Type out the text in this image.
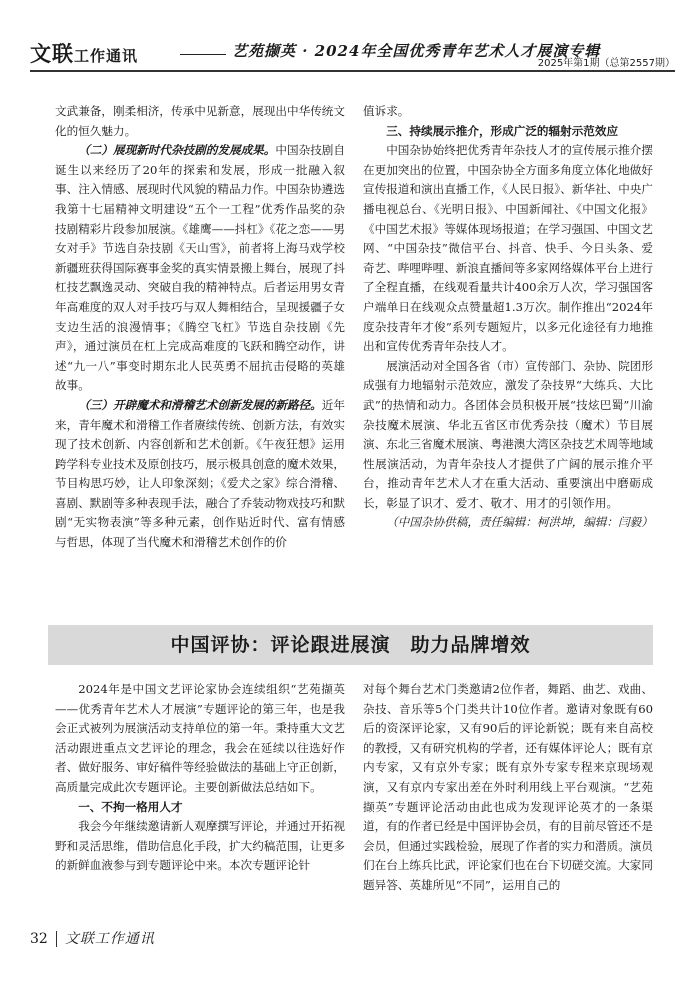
文联工作通讯	艺苑撷英 · 2024年全国优秀青年艺术人才展演专辑
2025年第1期（总第2557期）

文武兼备，刚柔相济，传承中见新意，展现出中华传统文化的恒久魅力。

（二）展现新时代杂技剧的发展成果。中国杂技剧自诞生以来经历了20年的探索和发展，形成一批融入叙事、注入情感、展现时代风貌的精品力作。中国杂协遴选我第十七届精神文明建设“五个一工程”优秀作品奖的杂技剧精彩片段参加展演。《雄鹰——抖杠》《花之恋——男女对手》节选自杂技剧《天山雪》，前者将上海马戏学校新疆班获得国际赛事金奖的真实情景搬上舞台，展现了抖杠技艺飘逸灵动、突破自我的精神特点。后者运用男女青年高难度的双人对手技巧与双人舞相结合，呈现援疆子女支边生活的浪漫情事；《腾空飞杠》节选自杂技剧《先声》，通过演员在杠上完成高难度的飞跃和腾空动作，讲述“九一八”事变时期东北人民英勇不屈抗击侵略的英雄故事。

（三）开辟魔术和滑稽艺术创新发展的新路径。近年来，青年魔术和滑稽工作者赓续传统、创新方法，有效实现了技术创新、内容创新和艺术创新。《午夜狂想》运用跨学科专业技术及原创技巧，展示极具创意的魔术效果，节目构思巧妙，让人印象深刻；《爱犬之家》综合滑稽、喜剧、默剧等多种表现手法，融合了乔装动物戏技巧和默剧“无实物表演”等多种元素，创作贴近时代、富有情感与哲思，体现了当代魔术和滑稽艺术创作的价

值诉求。

三、持续展示推介，形成广泛的辐射示范效应

中国杂协始终把优秀青年杂技人才的宣传展示推介摆在更加突出的位置，中国杂协全方面多角度立体化地做好宣传报道和演出直播工作，《人民日报》、新华社、中央广播电视总台、《光明日报》、中国新闻社、《中国文化报》《中国艺术报》等媒体现场报道；在学习强国、中国文艺网、“中国杂技”微信平台、抖音、快手、今日头条、爱奇艺、哔哩哔哩、新浪直播间等多家网络媒体平台上进行了全程直播，在线观看量共计400余万人次，学习强国客户端单日在线观众点赞量超1.3万次。制作推出“2024年度杂技青年才俊”系列专题短片，以多元化途径有力地推出和宣传优秀青年杂技人才。

展演活动对全国各省（市）宣传部门、杂协、院团形成强有力地辐射示范效应，激发了杂技界“大练兵、大比武”的热情和动力。各团体会员积极开展“技炫巴蜀”川渝杂技魔术展演、华北五省区市优秀杂技（魔术）节目展演、东北三省魔术展演、粤港澳大湾区杂技艺术周等地域性展演活动，为青年杂技人才提供了广阔的展示推介平台，推动青年艺术人才在重大活动、重要演出中磨砺成长，彰显了识才、爱才、敬才、用才的引领作用。

（中国杂协供稿，责任编辑：柯洪坤，编辑：闫毅）

中国评协：评论跟进展演　助力品牌增效

2024年是中国文艺评论家协会连续组织“艺苑撷英——优秀青年艺术人才展演”专题评论的第三年，也是我会正式被列为展演活动支持单位的第一年。秉持重大文艺活动跟进重点文艺评论的理念，我会在延续以往选好作者、做好服务、审好稿件等经验做法的基础上守正创新，高质量完成此次专题评论。主要创新做法总结如下。

一、不拘一格用人才

我会今年继续邀请新人观摩撰写评论，并通过开拓视野和灵活思维，借助信息化手段，扩大约稿范围，让更多的新鲜血液参与到专题评论中来。本次专题评论针

对每个舞台艺术门类邀请2位作者，舞蹈、曲艺、戏曲、杂技、音乐等5个门类共计10位作者。邀请对象既有60后的资深评论家，又有90后的评论新锐；既有来自高校的教授，又有研究机构的学者，还有媒体评论人；既有京内专家，又有京外专家；既有京外专家专程来京现场观演，又有京内专家出差在外时利用线上平台观演。“艺苑撷英”专题评论活动由此也成为发现评论英才的一条渠道，有的作者已经是中国评协会员，有的目前尽管还不是会员，但通过实践检验，展现了作者的实力和潜质。演员们在台上练兵比武，评论家们也在台下切磋交流。大家同题异答、英雄所见“不同”，运用自己的

32 文联工作通讯
